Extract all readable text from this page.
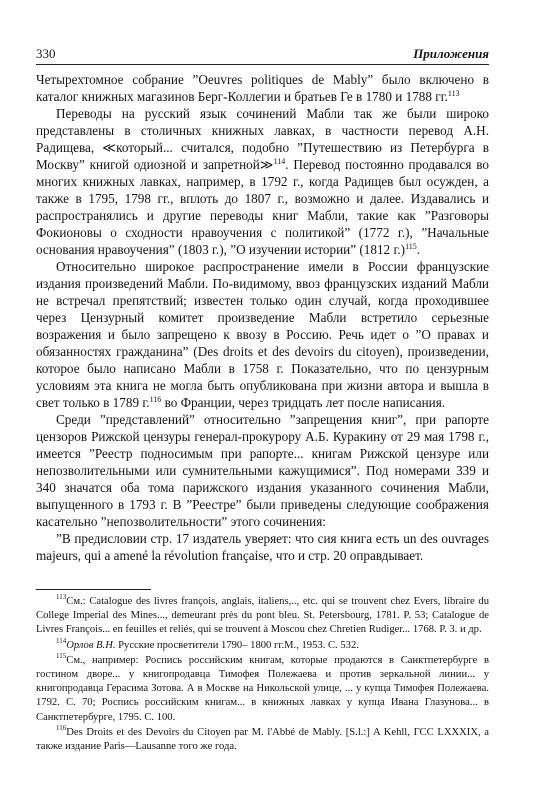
330	Приложения

Четырехтомное собрание ”Oeuvres politiques de Mably” было включено в каталог книжных магазинов Берг-Коллегии и братьев Ге в 1780 и 1788 гг.$^{113}$

Переводы на русский язык сочинений Мабли так же были широко представлены в столичных книжных лавках, в частности перевод А.Н. Радищева, ≪который... считался, подобно ”Путешествию из Петербурга в Москву” книгой одиозной и запретной≫$^{114}$. Перевод постоянно продавался во многих книжных лавках, например, в 1792 г., когда Радищев был осужден, а также в 1795, 1798 гг., вплоть до 1807 г., возможно и далее. Издавались и распространялись и другие переводы книг Мабли, такие как ”Разговоры Фокионовы о сходности нравоучения с политикой” (1772 г.), ”Начальные основания нравоучения” (1803 г.), ”О изучении истории” (1812 г.)$^{115}$.

Относительно широкое распространение имели в России французские издания произведений Мабли. По-видимому, ввоз французских изданий Мабли не встречал препятствий; известен только один случай, когда проходившее через Цензурный комитет произведение Мабли встретило серьезные возражения и было запрещено к ввозу в Россию. Речь идет о ”О правах и обязанностях гражданина” (Des droits et des devoirs du citoyen), произведении, которое было написано Мабли в 1758 г. Показательно, что по цензурным условиям эта книга не могла быть опубликована при жизни автора и вышла в свет только в 1789 г.$^{116}$ во Франции, через тридцать лет после написания.

Среди ”представлений” относительно ”запрещения книг”, при рапорте цензоров Рижской цензуры генерал-прокурору А.Б. Куракину от 29 мая 1798 г., имеется ”Реестр подносимым при рапорте... книгам Рижской цензуре или непозволительными или сумнительными кажущимися”. Под номерами 339 и 340 значатся оба тома парижского издания указанного сочинения Мабли, выпущенного в 1793 г. В ”Реестре” были приведены следующие соображения касательно ”непозволительности” этого сочинения:

”В предисловии стр. 17 издатель уверяет: что сия книга есть un des ouvrages majeurs, qui a amené la révolution française, что и стр. 20 оправдывает.

$^{113}$См.: Catalogue des livres françois, anglais, italiens,.., etc. qui se trouvent chez Evers, libraire du College Imperial des Mines..., demeurant près du pont bleu. St. Petersbourg, 1781. P. 53; Catalogue de Livres François... en feuilles et reliés, qui se trouvent à Moscou chez Chretien Rudiger... 1768. P. 3. и др.

$^{114}$Орлов В.Н. Русские просветители 1790– 1800 гг.М., 1953. С. 532.

$^{115}$См., например: Роспись российским книгам, которые продаются в Санктпетербурге в гостином дворе... у книгопродавца Тимофея Полежаева и против зеркальной линии... у книгопродавца Герасима Зотова. А в Москве на Никольской улице, ... у купца Тимофея Полежаева. 1792. С. 70; Роспись российским книгам... в книжных лавках у купца Ивана Глазунова... в Санктпетербурге, 1795. С. 100.

$^{116}$Des Droits et des Devoirs du Citoyen par M. l'Abbé de Mably. [S.l.:] A Kehll, ГСС LXXXIX, а также издание Paris—Lausanne того же года.
